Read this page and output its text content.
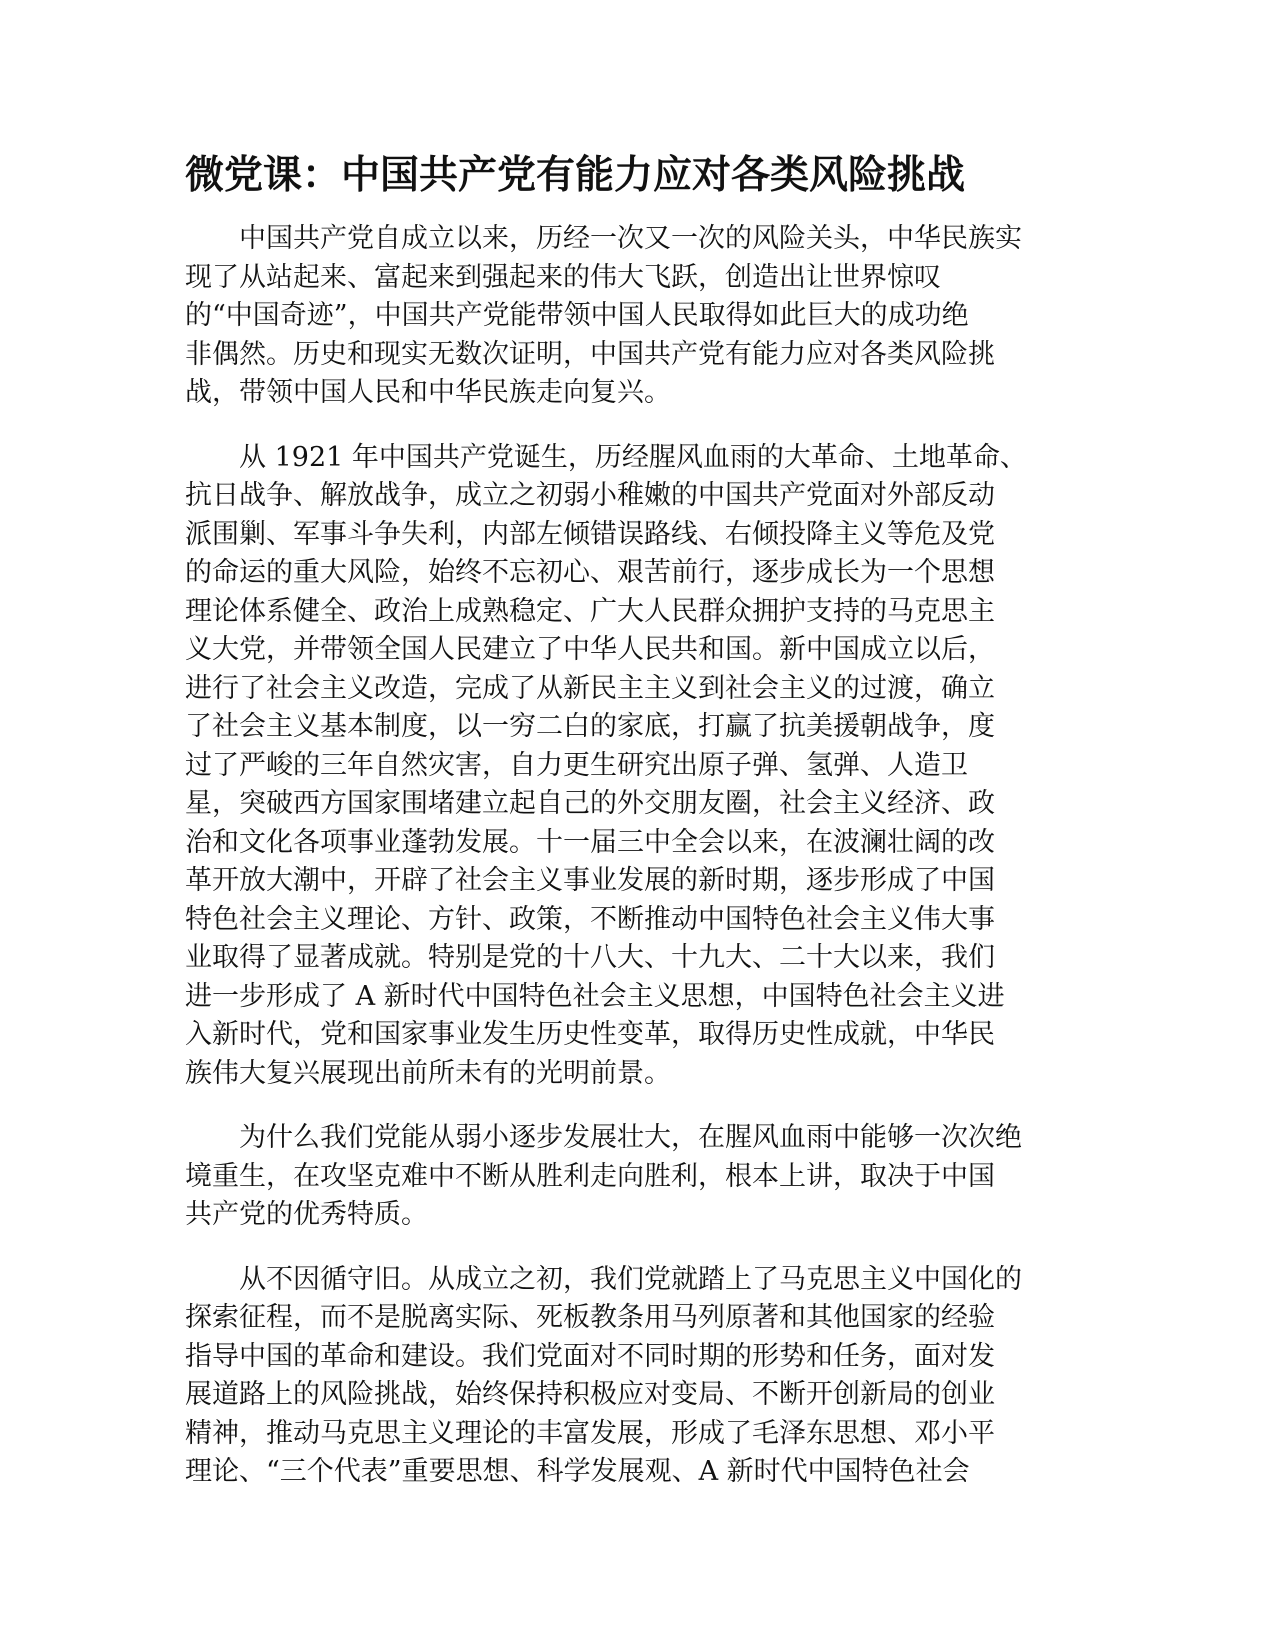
微党课：中国共产党有能力应对各类风险挑战

　　中国共产党自成立以来，历经一次又一次的风险关头，中华民族实
现了从站起来、富起来到强起来的伟大飞跃，创造出让世界惊叹
的“中国奇迹”，中国共产党能带领中国人民取得如此巨大的成功绝
非偶然。历史和现实无数次证明，中国共产党有能力应对各类风险挑
战，带领中国人民和中华民族走向复兴。

　　从 1921 年中国共产党诞生，历经腥风血雨的大革命、土地革命、
抗日战争、解放战争，成立之初弱小稚嫩的中国共产党面对外部反动
派围剿、军事斗争失利，内部左倾错误路线、右倾投降主义等危及党
的命运的重大风险，始终不忘初心、艰苦前行，逐步成长为一个思想
理论体系健全、政治上成熟稳定、广大人民群众拥护支持的马克思主
义大党，并带领全国人民建立了中华人民共和国。新中国成立以后，
进行了社会主义改造，完成了从新民主主义到社会主义的过渡，确立
了社会主义基本制度，以一穷二白的家底，打赢了抗美援朝战争，度
过了严峻的三年自然灾害，自力更生研究出原子弹、氢弹、人造卫
星，突破西方国家围堵建立起自己的外交朋友圈，社会主义经济、政
治和文化各项事业蓬勃发展。十一届三中全会以来，在波澜壮阔的改
革开放大潮中，开辟了社会主义事业发展的新时期，逐步形成了中国
特色社会主义理论、方针、政策，不断推动中国特色社会主义伟大事
业取得了显著成就。特别是党的十八大、十九大、二十大以来，我们
进一步形成了 A 新时代中国特色社会主义思想，中国特色社会主义进
入新时代，党和国家事业发生历史性变革，取得历史性成就，中华民
族伟大复兴展现出前所未有的光明前景。

　　为什么我们党能从弱小逐步发展壮大，在腥风血雨中能够一次次绝
境重生，在攻坚克难中不断从胜利走向胜利，根本上讲，取决于中国
共产党的优秀特质。

　　从不因循守旧。从成立之初，我们党就踏上了马克思主义中国化的
探索征程，而不是脱离实际、死板教条用马列原著和其他国家的经验
指导中国的革命和建设。我们党面对不同时期的形势和任务，面对发
展道路上的风险挑战，始终保持积极应对变局、不断开创新局的创业
精神，推动马克思主义理论的丰富发展，形成了毛泽东思想、邓小平
理论、“三个代表”重要思想、科学发展观、A 新时代中国特色社会
